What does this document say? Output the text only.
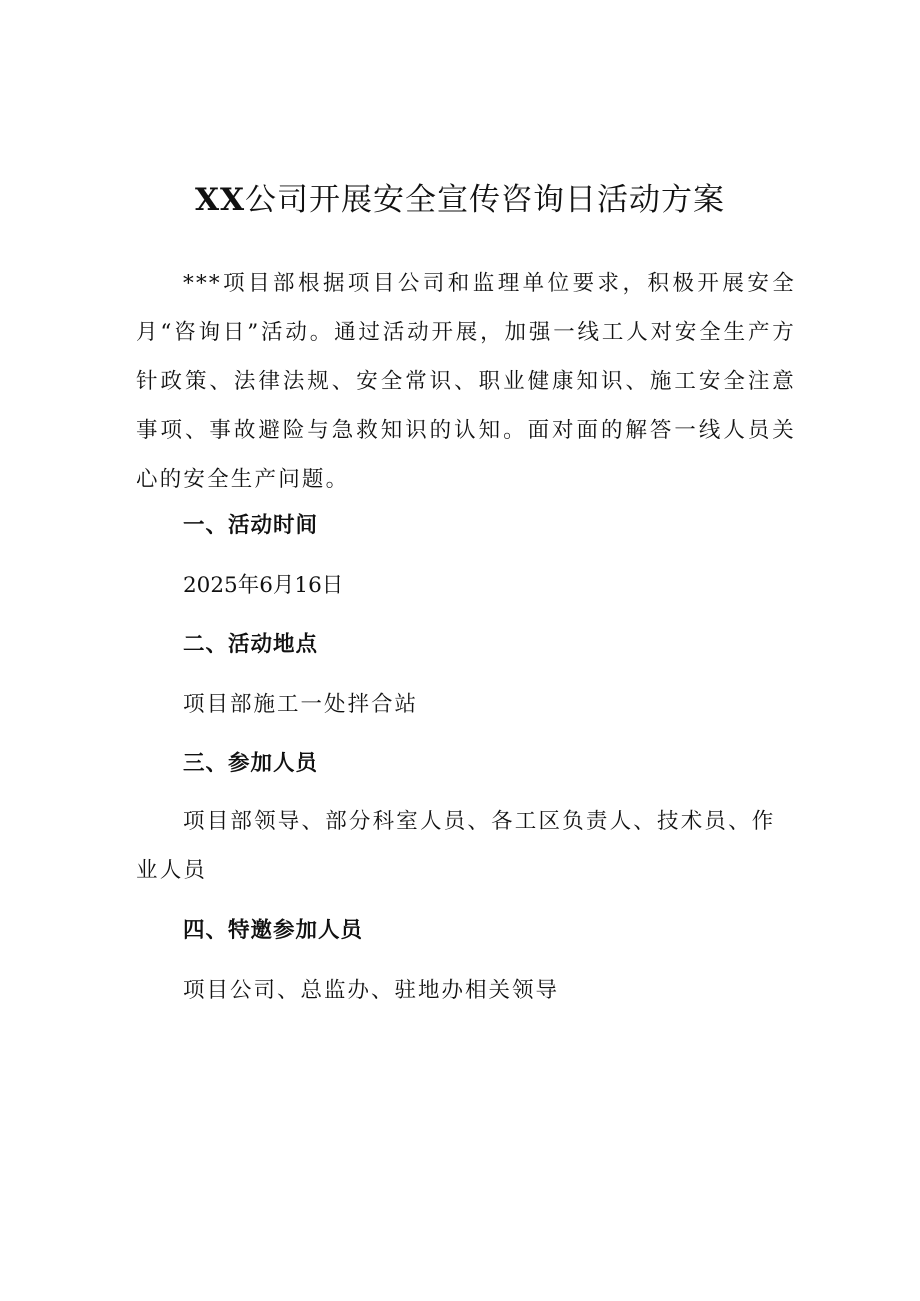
XX公司开展安全宣传咨询日活动方案

***项目部根据项目公司和监理单位要求，积极开展安全月“咨询日”活动。通过活动开展，加强一线工人对安全生产方针政策、法律法规、安全常识、职业健康知识、施工安全注意事项、事故避险与急救知识的认知。面对面的解答一线人员关心的安全生产问题。

一、活动时间

2025年6月16日

二、活动地点

项目部施工一处拌合站

三、参加人员

项目部领导、部分科室人员、各工区负责人、技术员、作业人员

四、特邀参加人员

项目公司、总监办、驻地办相关领导
